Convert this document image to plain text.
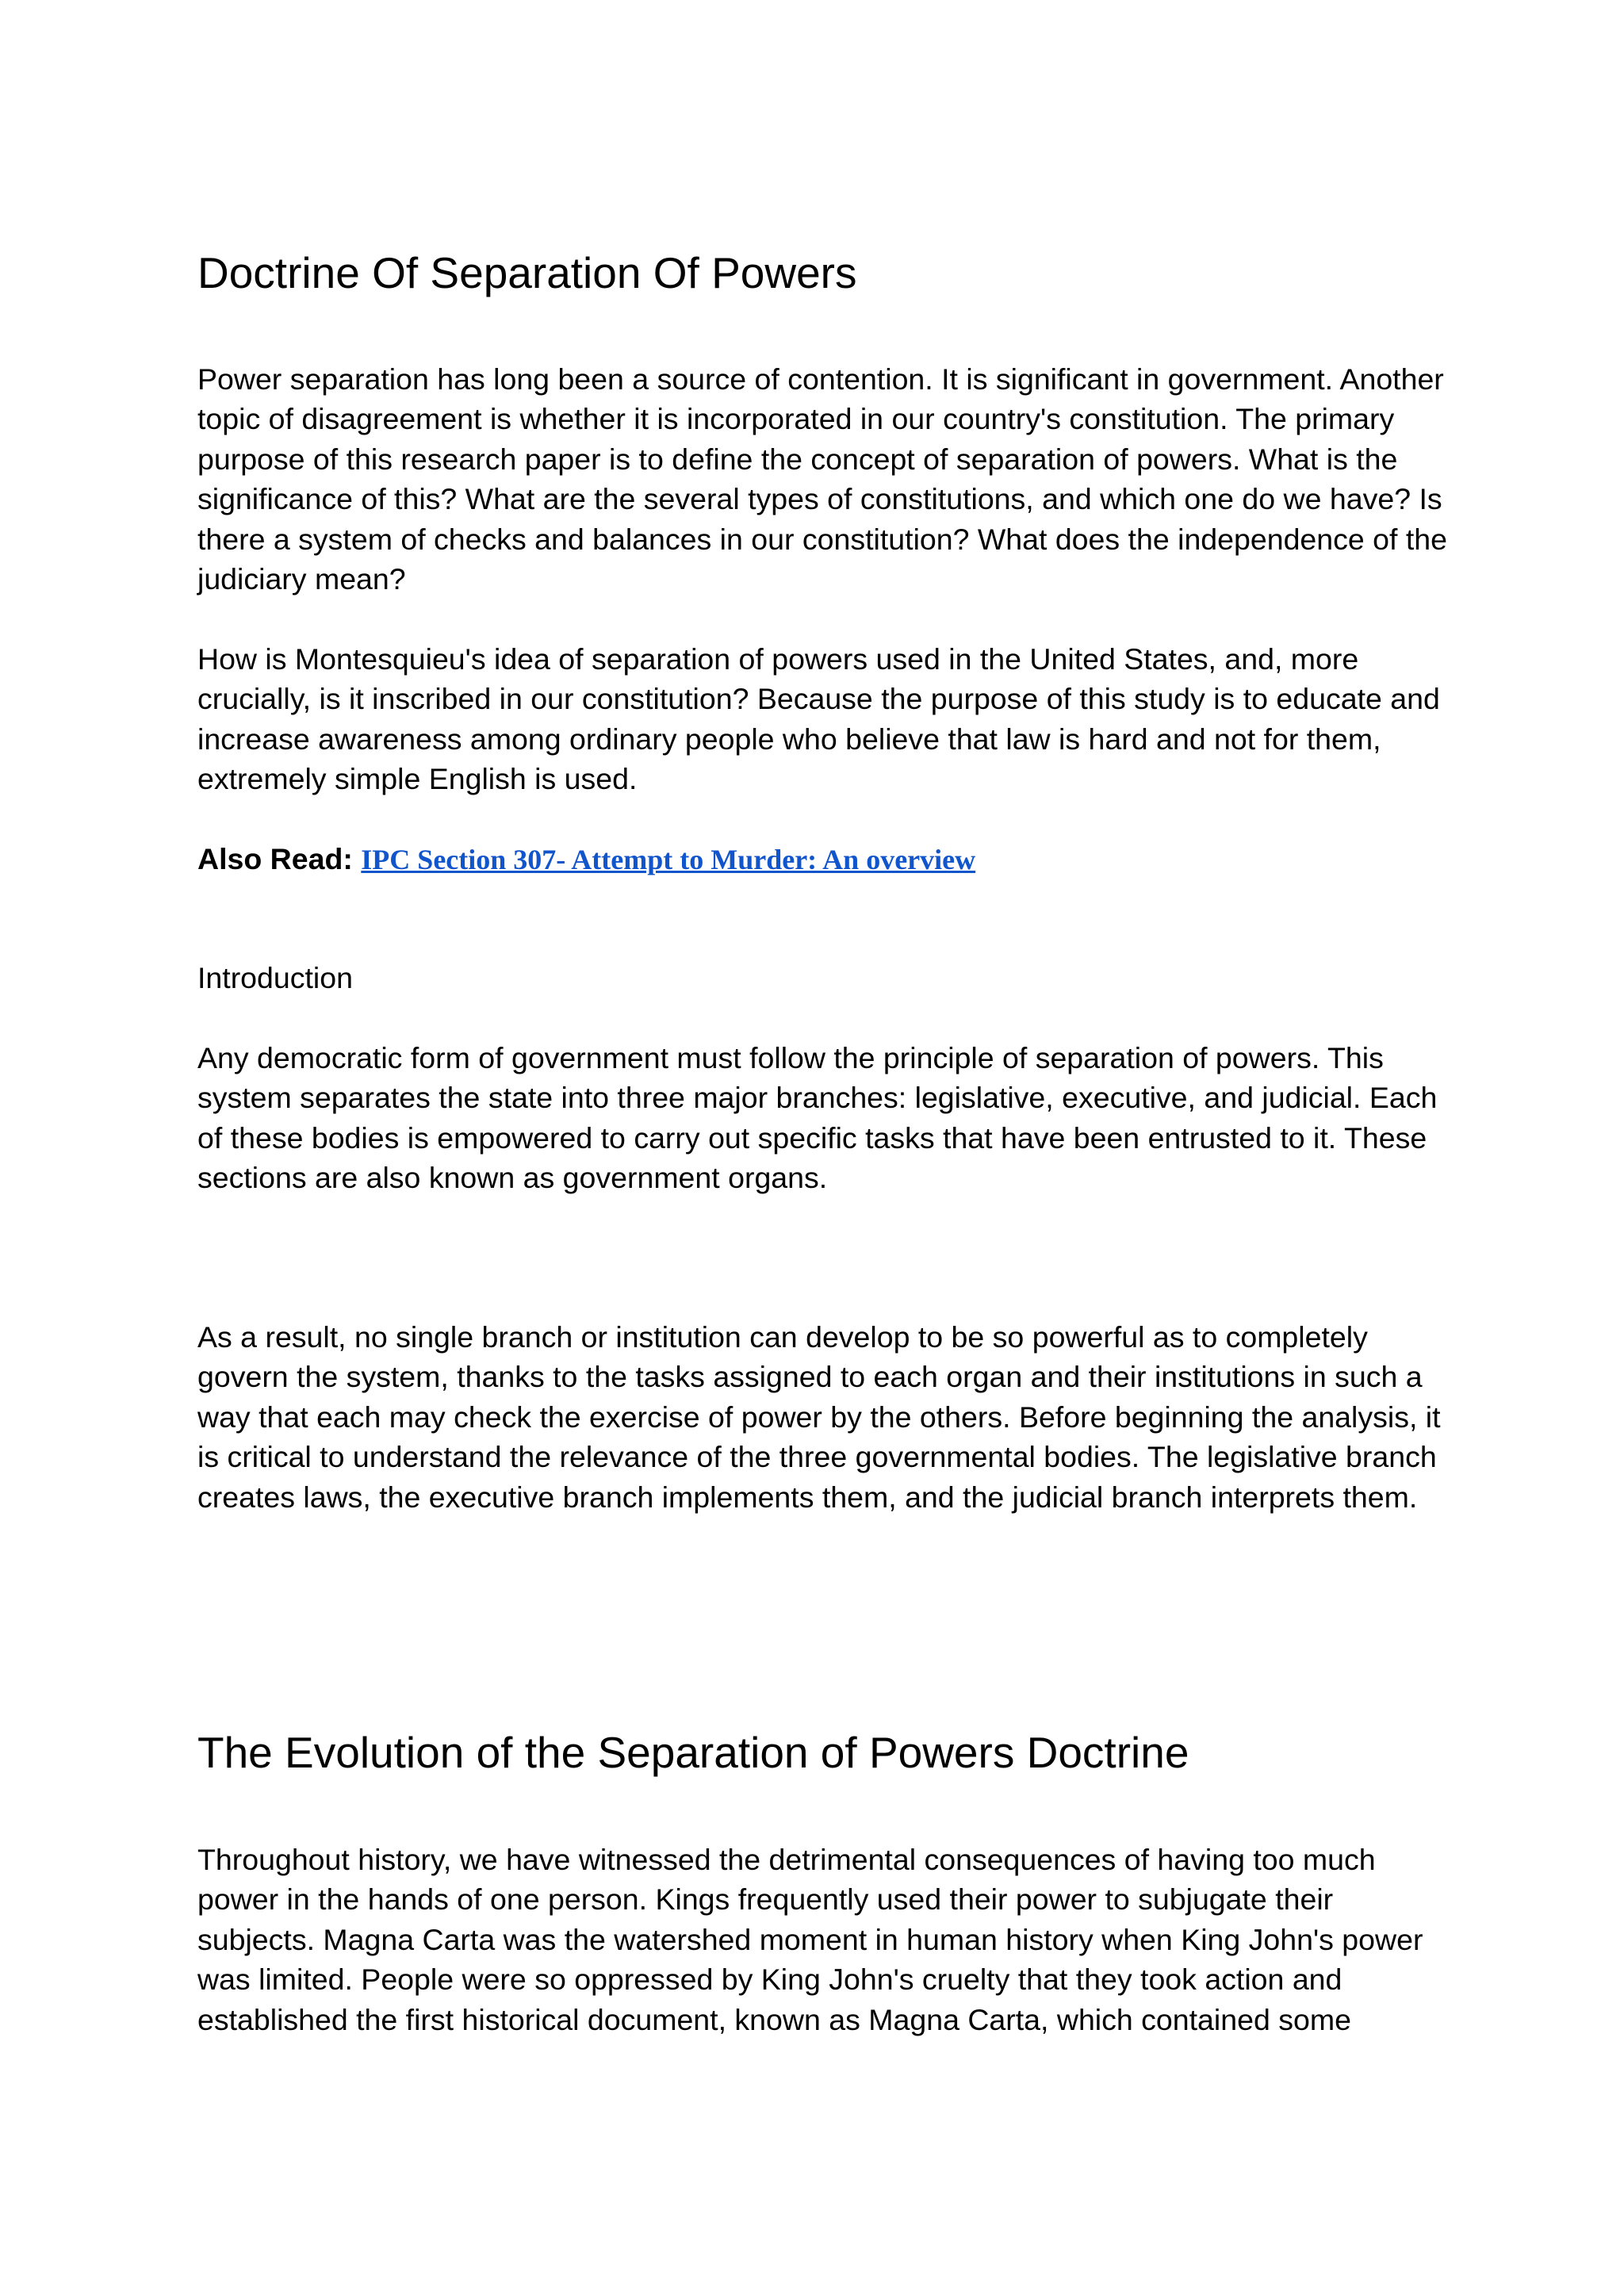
Doctrine Of Separation Of Powers

Power separation has long been a source of contention. It is significant in government. Another topic of disagreement is whether it is incorporated in our country's constitution. The primary purpose of this research paper is to define the concept of separation of powers. What is the significance of this? What are the several types of constitutions, and which one do we have? Is there a system of checks and balances in our constitution? What does the independence of the judiciary mean?

How is Montesquieu's idea of separation of powers used in the United States, and, more crucially, is it inscribed in our constitution? Because the purpose of this study is to educate and increase awareness among ordinary people who believe that law is hard and not for them, extremely simple English is used.

Also Read: IPC Section 307- Attempt to Murder: An overview

Introduction

Any democratic form of government must follow the principle of separation of powers. This system separates the state into three major branches: legislative, executive, and judicial. Each of these bodies is empowered to carry out specific tasks that have been entrusted to it. These sections are also known as government organs.

As a result, no single branch or institution can develop to be so powerful as to completely govern the system, thanks to the tasks assigned to each organ and their institutions in such a way that each may check the exercise of power by the others. Before beginning the analysis, it is critical to understand the relevance of the three governmental bodies. The legislative branch creates laws, the executive branch implements them, and the judicial branch interprets them.

The Evolution of the Separation of Powers Doctrine

Throughout history, we have witnessed the detrimental consequences of having too much power in the hands of one person. Kings frequently used their power to subjugate their subjects. Magna Carta was the watershed moment in human history when King John's power was limited. People were so oppressed by King John's cruelty that they took action and established the first historical document, known as Magna Carta, which contained some
